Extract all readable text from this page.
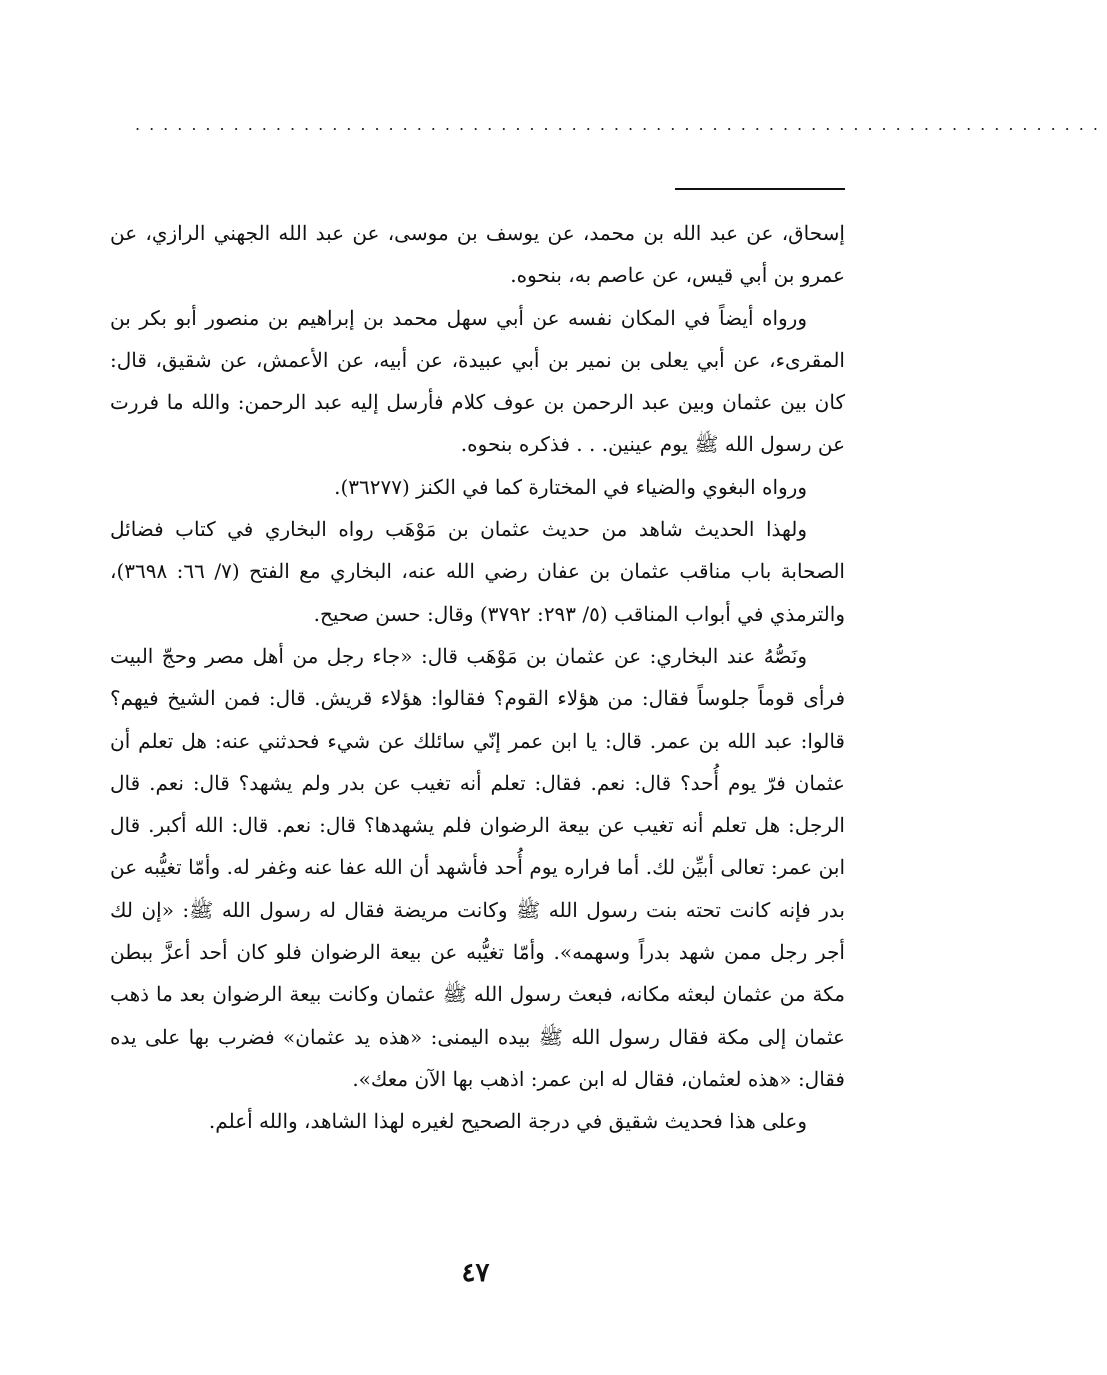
.....................................................................

إسحاق، عن عبد الله بن محمد، عن يوسف بن موسى، عن عبد الله الجهني الرازي، عن عمرو بن أبي قيس، عن عاصم به، بنحوه.

ورواه أيضاً في المكان نفسه عن أبي سهل محمد بن إبراهيم بن منصور أبو بكر بن المقرىء، عن أبي يعلى بن نمير بن أبي عبيدة، عن أبيه، عن الأعمش، عن شقيق، قال: كان بين عثمان وبين عبد الرحمن بن عوف كلام فأرسل إليه عبد الرحمن: والله ما فررت عن رسول الله ﷺ يوم عينين. . . فذكره بنحوه.

ورواه البغوي والضياء في المختارة كما في الكنز (٣٦٢٧٧).

ولهذا الحديث شاهد من حديث عثمان بن مَوْهَب رواه البخاري في كتاب فضائل الصحابة باب مناقب عثمان بن عفان رضي الله عنه، البخاري مع الفتح (٧/ ٦٦: ٣٦٩٨)، والترمذي في أبواب المناقب (٥/ ٢٩٣: ٣٧٩٢) وقال: حسن صحيح.

ونَصُّهُ عند البخاري: عن عثمان بن مَوْهَب قال: «جاء رجل من أهل مصر وحجّ البيت فرأى قوماً جلوساً فقال: من هؤلاء القوم؟ فقالوا: هؤلاء قريش. قال: فمن الشيخ فيهم؟ قالوا: عبد الله بن عمر. قال: يا ابن عمر إنّي سائلك عن شيء فحدثني عنه: هل تعلم أن عثمان فرّ يوم أُحد؟ قال: نعم. فقال: تعلم أنه تغيب عن بدر ولم يشهد؟ قال: نعم. قال الرجل: هل تعلم أنه تغيب عن بيعة الرضوان فلم يشهدها؟ قال: نعم. قال: الله أكبر. قال ابن عمر: تعالى أبيِّن لك. أما فراره يوم أُحد فأشهد أن الله عفا عنه وغفر له. وأمّا تغيُّبه عن بدر فإنه كانت تحته بنت رسول الله ﷺ وكانت مريضة فقال له رسول الله ﷺ: «إن لك أجر رجل ممن شهد بدراً وسهمه». وأمّا تغيُّبه عن بيعة الرضوان فلو كان أحد أعزَّ ببطن مكة من عثمان لبعثه مكانه، فبعث رسول الله ﷺ عثمان وكانت بيعة الرضوان بعد ما ذهب عثمان إلى مكة فقال رسول الله ﷺ بيده اليمنى: «هذه يد عثمان» فضرب بها على يده فقال: «هذه لعثمان، فقال له ابن عمر: اذهب بها الآن معك».

وعلى هذا فحديث شقيق في درجة الصحيح لغيره لهذا الشاهد، والله أعلم.

٤٧
